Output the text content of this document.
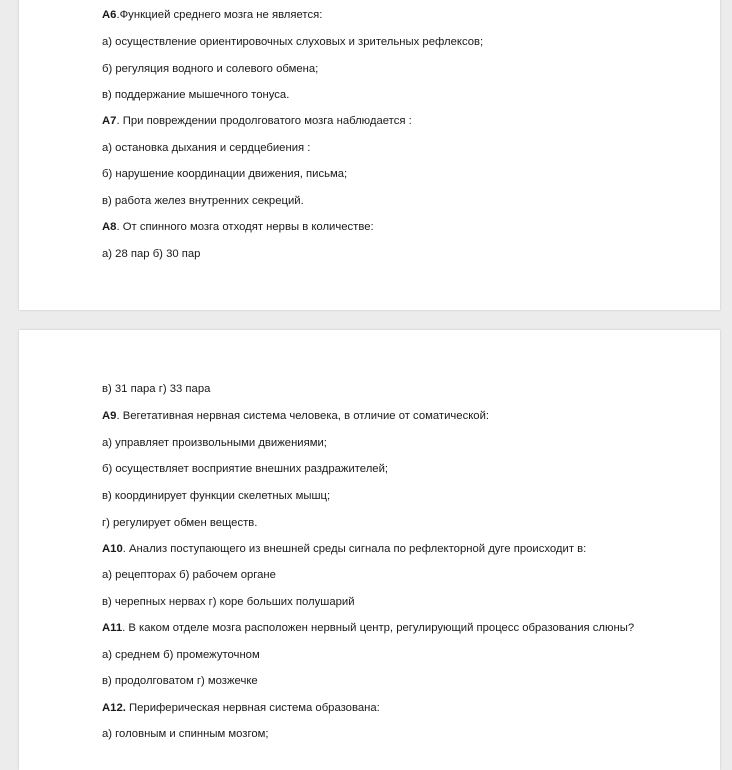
А6.Функцией среднего мозга не является:
а) осуществление ориентировочных слуховых и зрительных рефлексов;
б) регуляция водного и солевого обмена;
в) поддержание мышечного тонуса.
А7. При повреждении продолговатого мозга наблюдается :
а) остановка дыхания и сердцебиения :
б) нарушение координации движения, письма;
в) работа желез внутренних секреций.
А8. От спинного мозга отходят нервы в количестве:
а) 28 пар б) 30 пар
в) 31 пара г) 33 пара
А9. Вегетативная нервная система человека, в отличие от соматической:
а) управляет произвольными движениями;
б) осуществляет восприятие внешних раздражителей;
в) координирует функции скелетных мышц;
г) регулирует обмен веществ.
А10. Анализ поступающего из внешней среды сигнала по рефлекторной дуге происходит в:
а) рецепторах б) рабочем органе
в) черепных нервах г) коре больших полушарий
А11. В каком отделе мозга расположен нервный центр, регулирующий процесс образования слюны?
а) среднем б) промежуточном
в) продолговатом г) мозжечке
А12. Периферическая нервная система образована:
а) головным и спинным мозгом;
